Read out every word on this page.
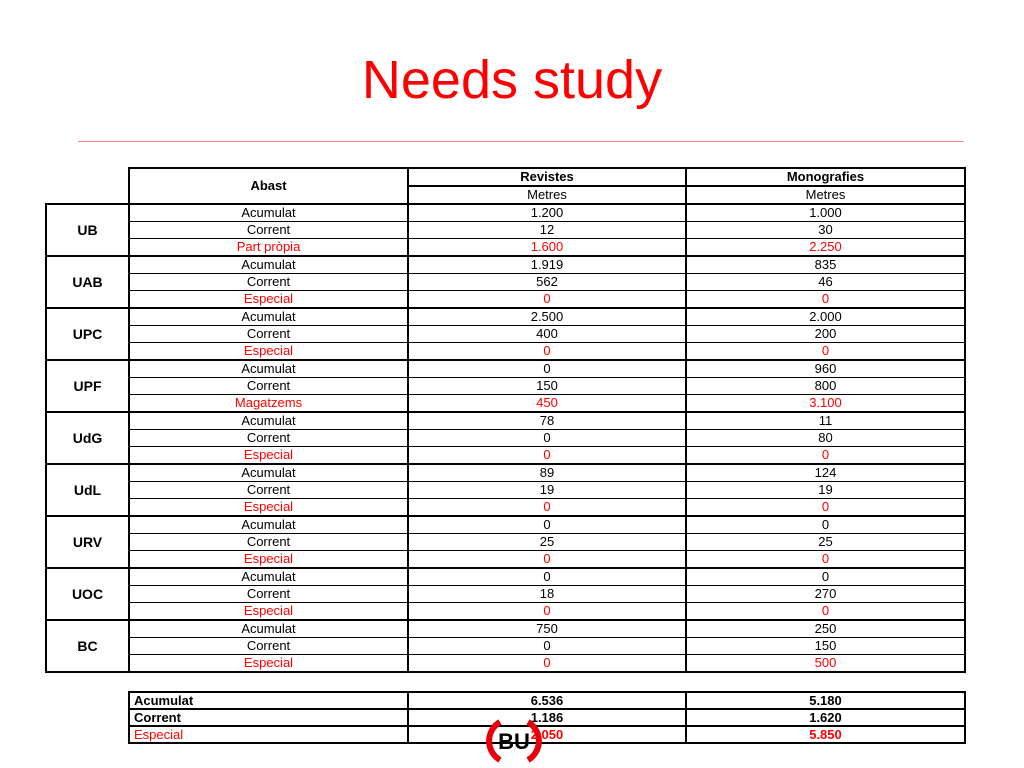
Needs study
	Abast	Revistes	Monografies
		Metres	Metres
UB	Acumulat	1.200	1.000
	Corrent	12	30
	Part pròpia	1.600	2.250
UAB	Acumulat	1.919	835
	Corrent	562	46
	Especial	0	0
UPC	Acumulat	2.500	2.000
	Corrent	400	200
	Especial	0	0
UPF	Acumulat	0	960
	Corrent	150	800
	Magatzems	450	3.100
UdG	Acumulat	78	11
	Corrent	0	80
	Especial	0	0
UdL	Acumulat	89	124
	Corrent	19	19
	Especial	0	0
URV	Acumulat	0	0
	Corrent	25	25
	Especial	0	0
UOC	Acumulat	0	0
	Corrent	18	270
	Especial	0	0
BC	Acumulat	750	250
	Corrent	0	150
	Especial	0	500
Acumulat	6.536	5.180
Corrent	1.186	1.620
Especial	2.050	5.850
BU
